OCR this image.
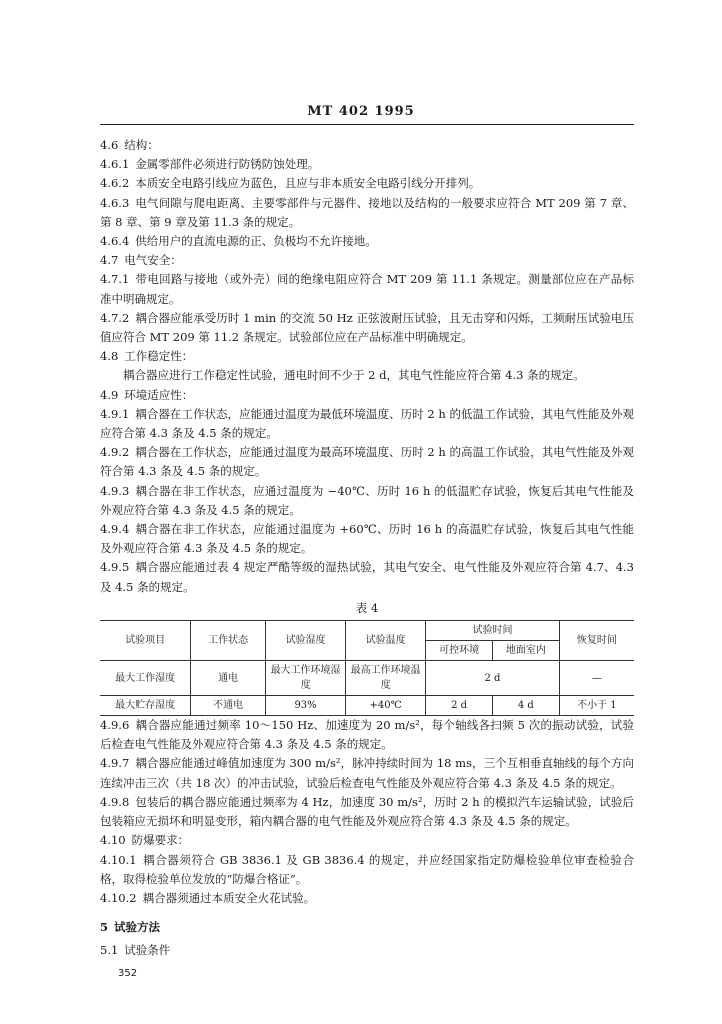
MT 402 1995

4.6 结构：

4.6.1 金属零部件必须进行防锈防蚀处理。

4.6.2 本质安全电路引线应为蓝色，且应与非本质安全电路引线分开排列。

4.6.3 电气间隙与爬电距离、主要零部件与元器件、接地以及结构的一般要求应符合 MT 209 第 7 章、第 8 章、第 9 章及第 11.3 条的规定。

4.6.4 供给用户的直流电源的正、负极均不允许接地。

4.7 电气安全：

4.7.1 带电回路与接地（或外壳）间的绝缘电阻应符合 MT 209 第 11.1 条规定。测量部位应在产品标准中明确规定。

4.7.2 耦合器应能承受历时 1 min 的交流 50 Hz 正弦波耐压试验，且无击穿和闪烁，工频耐压试验电压值应符合 MT 209 第 11.2 条规定。试验部位应在产品标准中明确规定。

4.8 工作稳定性：

耦合器应进行工作稳定性试验，通电时间不少于 2 d，其电气性能应符合第 4.3 条的规定。

4.9 环境适应性：

4.9.1 耦合器在工作状态，应能通过温度为最低环境温度、历时 2 h 的低温工作试验，其电气性能及外观应符合第 4.3 条及 4.5 条的规定。

4.9.2 耦合器在工作状态，应能通过温度为最高环境温度、历时 2 h 的高温工作试验，其电气性能及外观符合第 4.3 条及 4.5 条的规定。

4.9.3 耦合器在非工作状态，应通过温度为 −40℃、历时 16 h 的低温贮存试验，恢复后其电气性能及外观应符合第 4.3 条及 4.5 条的规定。

4.9.4 耦合器在非工作状态，应能通过温度为 +60℃、历时 16 h 的高温贮存试验，恢复后其电气性能及外观应符合第 4.3 条及 4.5 条的规定。

4.9.5 耦合器应能通过表 4 规定严酷等级的湿热试验，其电气安全、电气性能及外观应符合第 4.7、4.3 及 4.5 条的规定。

表 4
试验项目	工作状态	试验湿度	试验温度	试验时间		恢复时间
				可控环境	地面室内	
最大工作湿度	通电	最大工作环境湿度	最高工作环境温度	2 d		—
最大贮存湿度	不通电	93%	+40℃	2 d	4 d	不小于 1

4.9.6 耦合器应能通过频率 10～150 Hz、加速度为 20 m/s²，每个轴线各扫频 5 次的振动试验，试验后检查电气性能及外观应符合第 4.3 条及 4.5 条的规定。

4.9.7 耦合器应能通过峰值加速度为 300 m/s²，脉冲持续时间为 18 ms，三个互相垂直轴线的每个方向连续冲击三次（共 18 次）的冲击试验，试验后检查电气性能及外观应符合第 4.3 条及 4.5 条的规定。

4.9.8 包装后的耦合器应能通过频率为 4 Hz，加速度 30 m/s²，历时 2 h 的模拟汽车运输试验，试验后包装箱应无损坏和明显变形，箱内耦合器的电气性能及外观应符合第 4.3 条及 4.5 条的规定。

4.10 防爆要求：

4.10.1 耦合器须符合 GB 3836.1 及 GB 3836.4 的规定，并应经国家指定防爆检验单位审查检验合格，取得检验单位发放的“防爆合格证”。

4.10.2 耦合器须通过本质安全火花试验。

5 试验方法

5.1 试验条件

352
